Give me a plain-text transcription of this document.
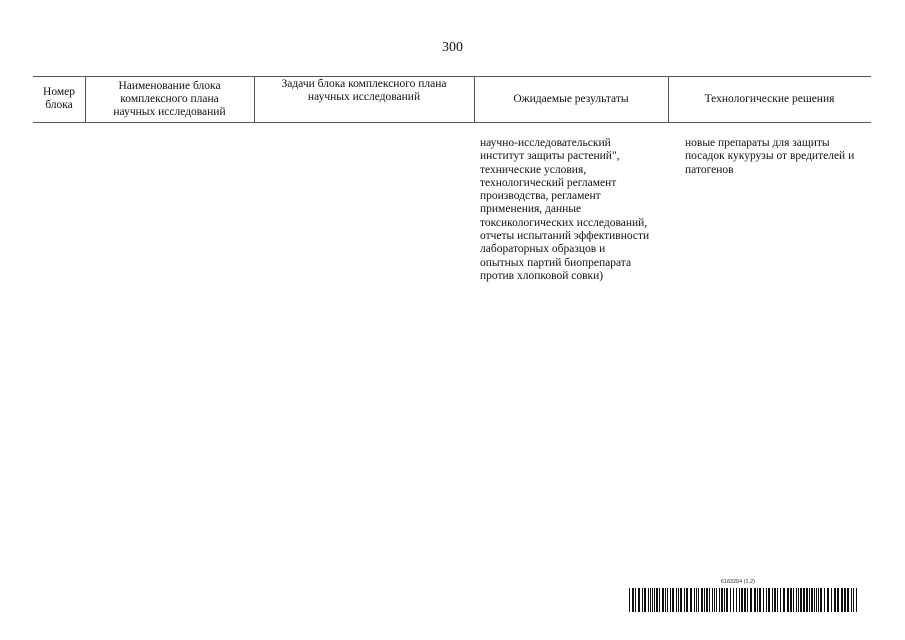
300
Номер блока
Наименование блока комплексного плана научных исследований
Задачи блока комплексного плана научных исследований	Ожидаемые результаты	Технологические решения
научно-исследовательский институт защиты растений", технические условия, технологический регламент производства, регламент применения, данные токсикологических исследований, отчеты испытаний эффективности лабораторных образцов и опытных партий биопрепарата против хлопковой совки)
новые препараты для защиты посадок кукурузы от вредителей и патогенов
6183284 (1.2)
